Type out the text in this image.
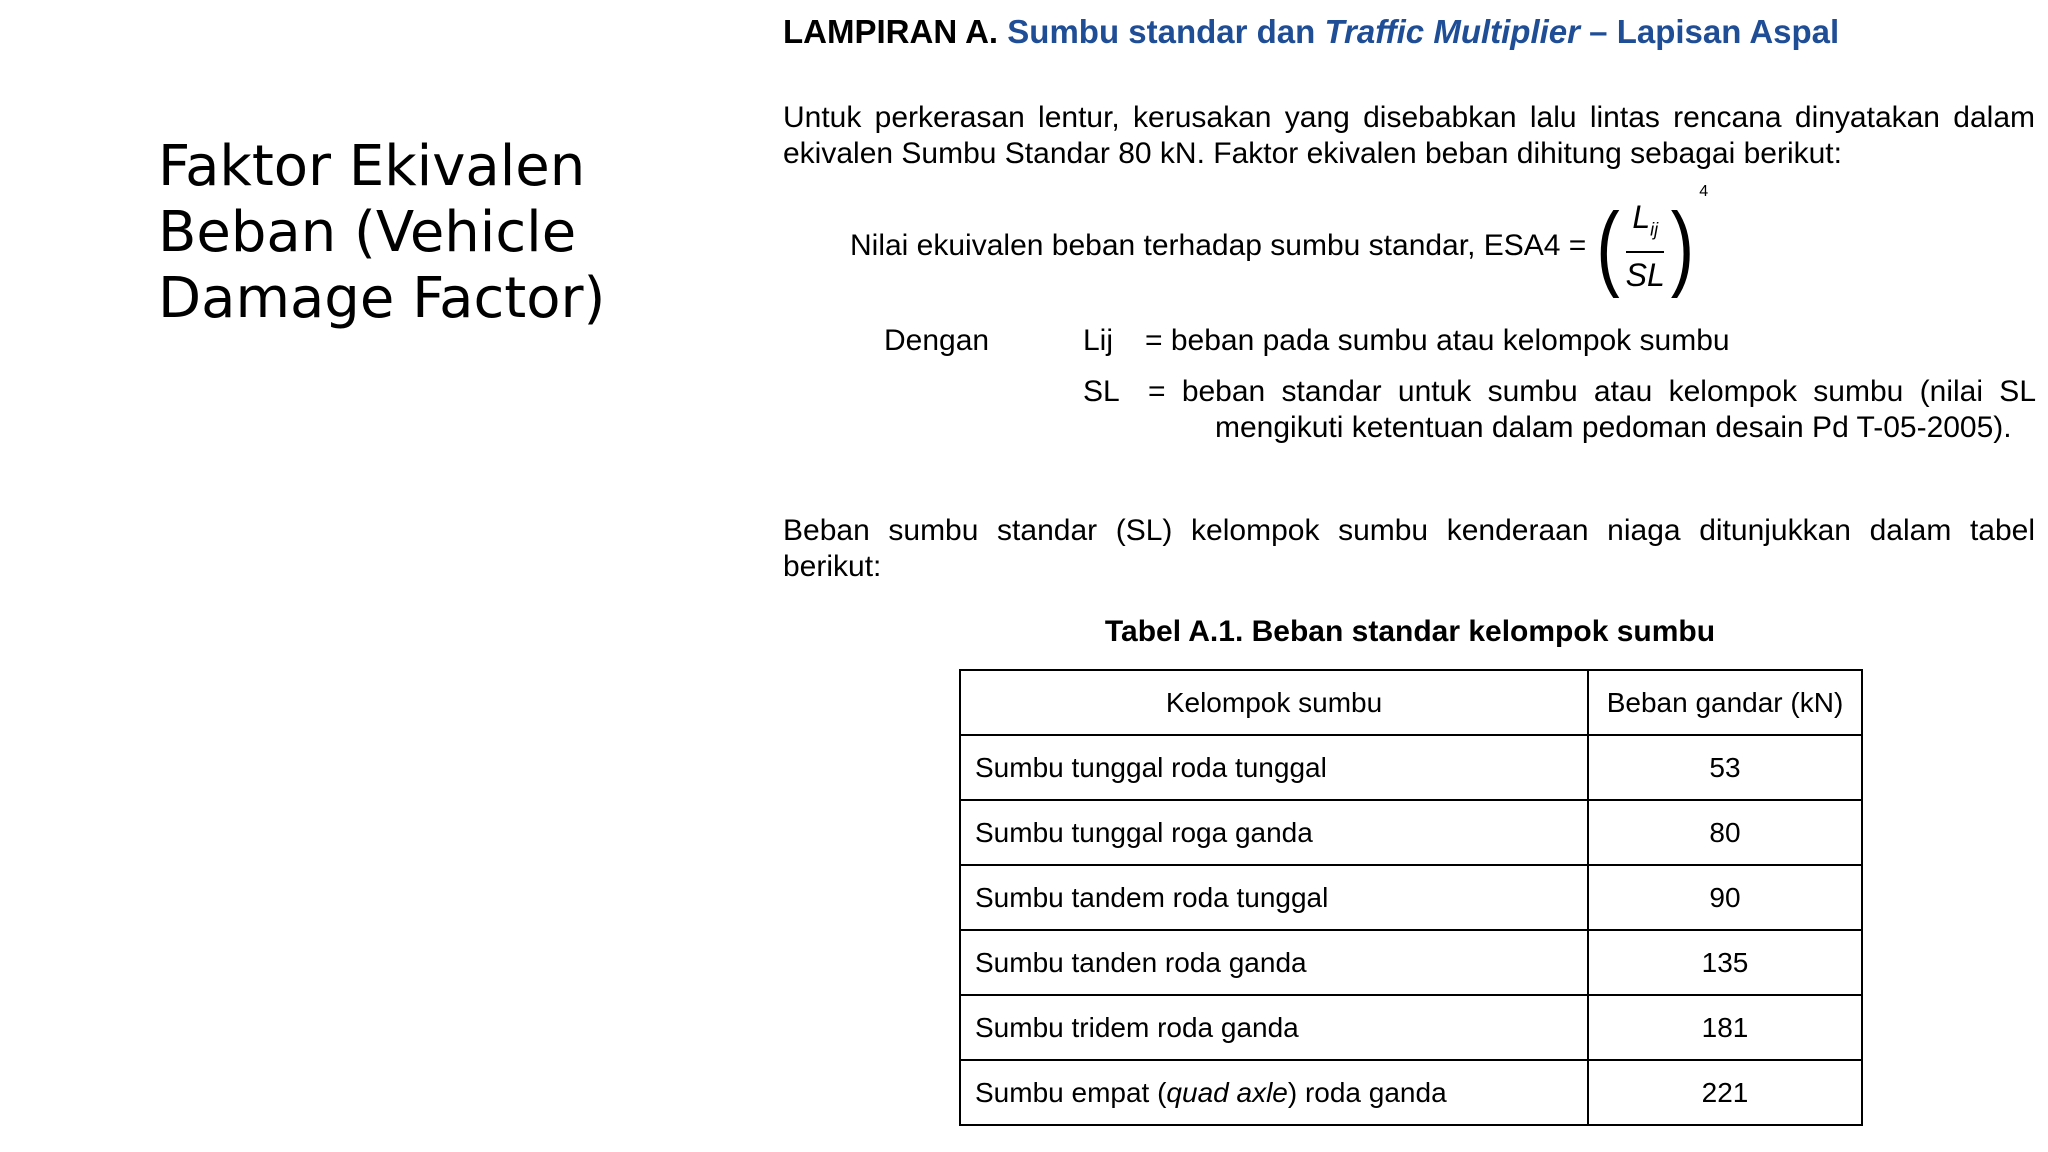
Faktor Ekivalen Beban (Vehicle Damage Factor)
LAMPIRAN A. Sumbu standar dan Traffic Multiplier – Lapisan Aspal
Untuk perkerasan lentur, kerusakan yang disebabkan lalu lintas rencana dinyatakan dalam ekivalen Sumbu Standar 80 kN. Faktor ekivalen beban dihitung sebagai berikut:
Nilai ekuivalen beban terhadap sumbu standar, ESA4 = ( $\frac{L_{ij}}{SL}$ )
4
Dengan	Lij = beban pada sumbu atau kelompok sumbu
SL = beban standar untuk sumbu atau kelompok sumbu (nilai SL
mengikuti ketentuan dalam pedoman desain Pd T-05-2005).
Beban sumbu standar (SL) kelompok sumbu kenderaan niaga ditunjukkan dalam tabel berikut:
Tabel A.1. Beban standar kelompok sumbu
Kelompok sumbu	Beban gandar (kN)
Sumbu tunggal roda tunggal	53
Sumbu tunggal roga ganda	80
Sumbu tandem roda tunggal	90
Sumbu tanden roda ganda	135
Sumbu tridem roda ganda	181
Sumbu empat (quad axle) roda ganda	221
